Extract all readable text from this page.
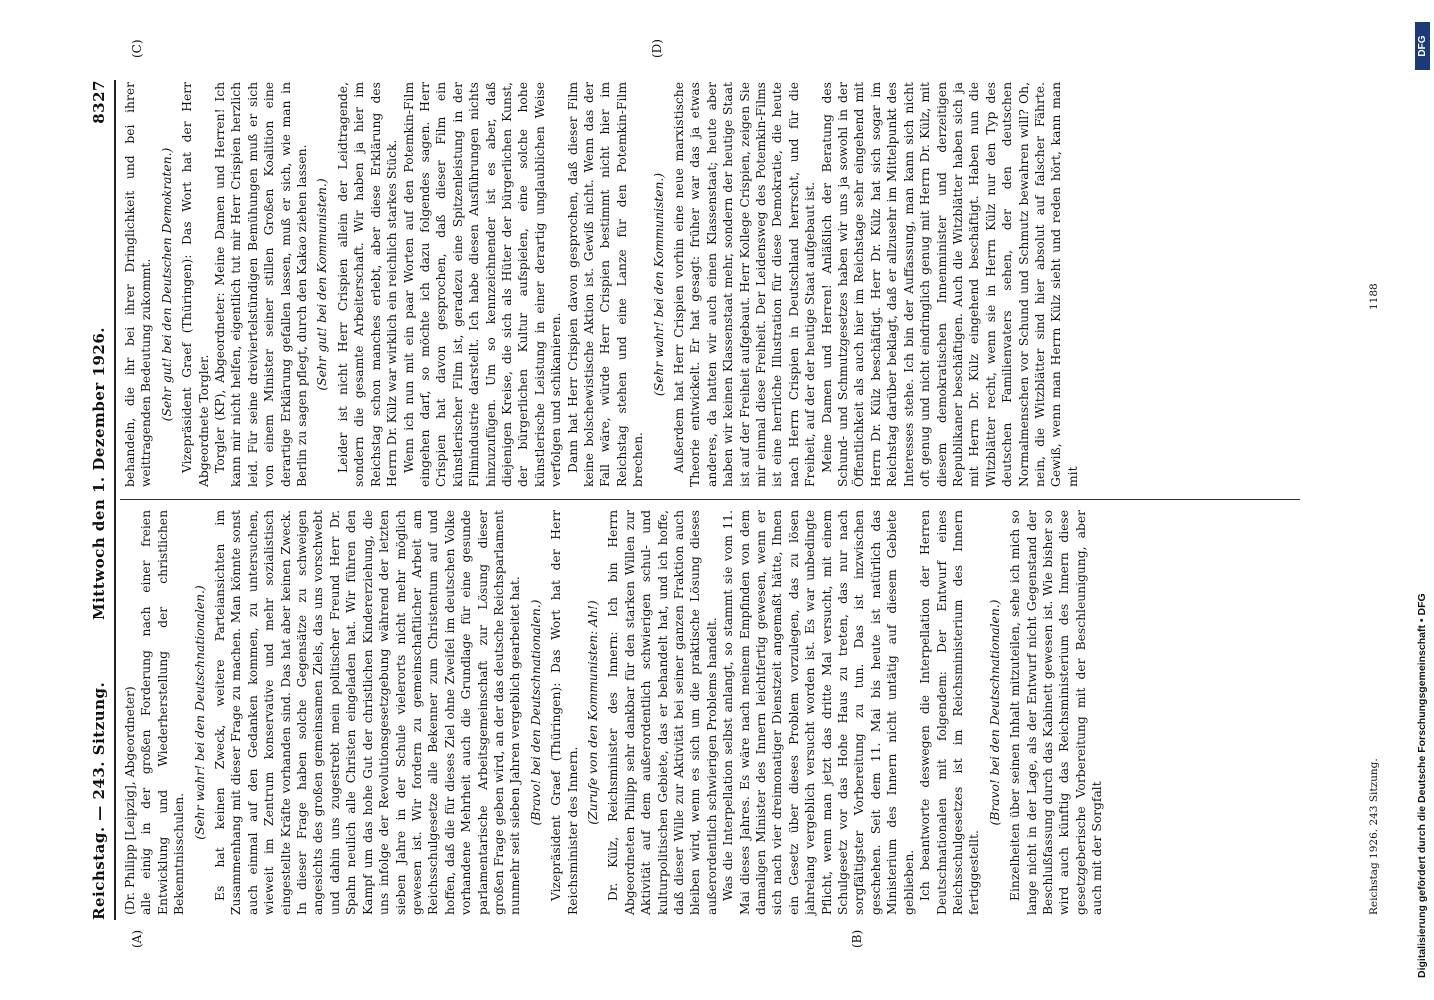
Reichstag. — 243. Sitzung.
Mittwoch den 1. Dezember 1926.
8327
(A)	(B)
(C)	(D)

(Dr. Philipp [Leipzig], Abgeordneter) alle einig in der großen Forderung nach einer freien Entwicklung und Wiederherstellung der christlichen Bekenntnisschulen.

(Sehr wahr! bei den Deutschnationalen.) Es hat keinen Zweck, weitere Parteiansichten im Zusammenhang mit dieser Frage zu machen. Man könnte sonst auch einmal auf den Gedanken kommen, zu untersuchen, wieweit im Zentrum konservative und mehr sozialistisch eingestellte Kräfte vorhanden sind. Das hat aber keinen Zweck. In dieser Frage haben solche Gegensätze zu schweigen angesichts des großen gemeinsamen Ziels, das uns vorschwebt und dahin uns zugestrebt mein politischer Freund Herr Dr. Spahn neulich alle Christen eingeladen hat. Wir führen den Kampf um das hohe Gut der christlichen Kindererziehung, die uns infolge der Revolutionsgesetzgebung während der letzten sieben Jahre in der Schule vielerorts nicht mehr möglich gewesen ist. Wir fordern zu gemeinschaftlicher Arbeit am Reichsschulgesetze alle Bekenner zum Christentum auf und hoffen, daß die für dieses Ziel ohne Zweifel im deutschen Volke vorhandene Mehrheit auch die Grundlage für eine gesunde parlamentarische Arbeitsgemeinschaft zur Lösung dieser großen Frage geben wird, an der das deutsche Reichsparlament nunmehr seit sieben Jahren vergeblich gearbeitet hat. (Bravo! bei den Deutschnationalen.) Vizepräsident Graef (Thüringen): Das Wort hat der Herr Reichsminister des Innern.

(Zurufe von den Kommunisten: Ah!) Dr. Külz, Reichsminister des Innern: Ich bin Herrn Abgeordneten Philipp sehr dankbar für den starken Willen zur Aktivität auf dem außerordentlich schwierigen schul- und kulturpolitischen Gebiete, das er behandelt hat, und ich hoffe, daß dieser Wille zur Aktivität bei seiner ganzen Fraktion auch bleiben wird, wenn es sich um die praktische Lösung dieses außerordentlich schwierigen Problems handelt. Was die Interpellation selbst anlangt, so stammt sie vom 11. Mai dieses Jahres. Es wäre nach meinem Empfinden von dem damaligen Minister des Innern leichtfertig gewesen, wenn er sich nach vier dreimonatiger Dienstzeit angemaßt hätte, Ihnen ein Gesetz über dieses Problem vorzulegen, das zu lösen jahrelang vergeblich versucht worden ist. Es war unbedingte Pflicht, wenn man jetzt das dritte Mal versucht, mit einem Schulgesetz vor das Hohe Haus zu treten, das nur nach sorgfältigster Vorbereitung zu tun. Das ist inzwischen geschehen. Seit dem 11. Mai bis heute ist natürlich das Ministerium des Innern nicht untätig auf diesem Gebiete geblieben. Ich beantworte deswegen die Interpellation der Herren Deutschnationalen mit folgendem: Der Entwurf eines Reichsschulgesetzes ist im Reichsministerium des Innern fertiggestellt.

(Bravo! bei den Deutschnationalen.) Einzelheiten über seinen Inhalt mitzuteilen, sehe ich mich so lange nicht in der Lage, als der Entwurf nicht Gegenstand der Beschlußfassung durch das Kabinett gewesen ist. Wie bisher so wird auch künftig das Reichsministerium des Innern diese gesetzgeberische Vorbereitung mit der Beschleunigung, aber auch mit der Sorgfalt

behandeln, die ihr bei ihrer Dringlichkeit und bei ihrer weittragenden Bedeutung zukommt. (Sehr gut! bei den Deutschen Demokraten.) Vizepräsident Graef (Thüringen): Das Wort hat der Herr Abgeordnete Torgler. Torgler (KP), Abgeordneter: Meine Damen und Herren! Ich kann mir nicht helfen, eigentlich tut mir Herr Crispien herzlich leid. Für seine dreiviertelstündigen Bemühungen muß er sich von einem Minister seiner stillen Großen Koalition eine derartige Erklärung gefallen lassen, muß er sich, wie man in Berlin zu sagen pflegt, durch den Kakao ziehen lassen. (Sehr gut! bei den Kommunisten.) Leider ist nicht Herr Crispien allein der Leidtragende, sondern die gesamte Arbeiterschaft. Wir haben ja hier im Reichstag schon manches erlebt, aber diese Erklärung des Herrn Dr. Külz war wirklich ein reichlich starkes Stück. Wenn ich nun mit ein paar Worten auf den Potemkin-Film eingehen darf, so möchte ich dazu folgendes sagen. Herr Crispien hat davon gesprochen, daß dieser Film ein künstlerischer Film ist, geradezu eine Spitzenleistung in der Filmindustrie darstellt. Ich habe diesen Ausführungen nichts hinzuzufügen. Um so kennzeichnender ist es aber, daß diejenigen Kreise, die sich als Hüter der bürgerlichen Kunst, der bürgerlichen Kultur aufspielen, eine solche hohe künstlerische Leistung in einer derartig unglaublichen Weise verfolgen und schikanieren. Dann hat Herr Crispien davon gesprochen, daß dieser Film keine bolschewistische Aktion ist. Gewiß nicht. Wenn das der Fall wäre, würde Herr Crispien bestimmt nicht hier im Reichstag stehen und eine Lanze für den Potemkin-Film brechen.

(Sehr wahr! bei den Kommunisten.) Außerdem hat Herr Crispien vorhin eine neue marxistische Theorie entwickelt. Er hat gesagt: früher war das ja etwas anderes, da hatten wir auch einen Klassenstaat; heute aber haben wir keinen Klassenstaat mehr, sondern der heutige Staat ist auf der Freiheit aufgebaut. Herr Kollege Crispien, zeigen Sie mir einmal diese Freiheit. Der Leidensweg des Potemkin-Films ist eine herrliche Illustration für diese Demokratie, die heute nach Herrn Crispien in Deutschland herrscht, und für die Freiheit, auf der der heutige Staat aufgebaut ist. Meine Damen und Herren! Anläßlich der Beratung des Schund- und Schmutzgesetzes haben wir uns ja sowohl in der Öffentlichkeit als auch hier im Reichstage sehr eingehend mit Herrn Dr. Külz beschäftigt. Herr Dr. Külz hat sich sogar im Reichstag darüber beklagt, daß er allzusehr im Mittelpunkt des Interesses stehe. Ich bin der Auffassung, man kann sich nicht oft genug und nicht eindringlich genug mit Herrn Dr. Külz, mit diesem demokratischen Innenminister und derzeitigen Republikaner beschäftigen. Auch die Witzblätter haben sich ja mit Herrn Dr. Külz eingehend beschäftigt. Haben nun die Witzblätter recht, wenn sie in Herrn Külz nur den Typ des deutschen Familienvaters sehen, der den deutschen Normalmenschen vor Schund und Schmutz bewahren will? Oh, nein, die Witzblätter sind hier absolut auf falscher Fährte. Gewiß, wenn man Herrn Külz sieht und reden hört, kann man mit

Reichstag 1926. 243 Sitzung.
1188
Digitalisierung gefördert durch die Deutsche Forschungsgemeinschaft • DFG
DFG
